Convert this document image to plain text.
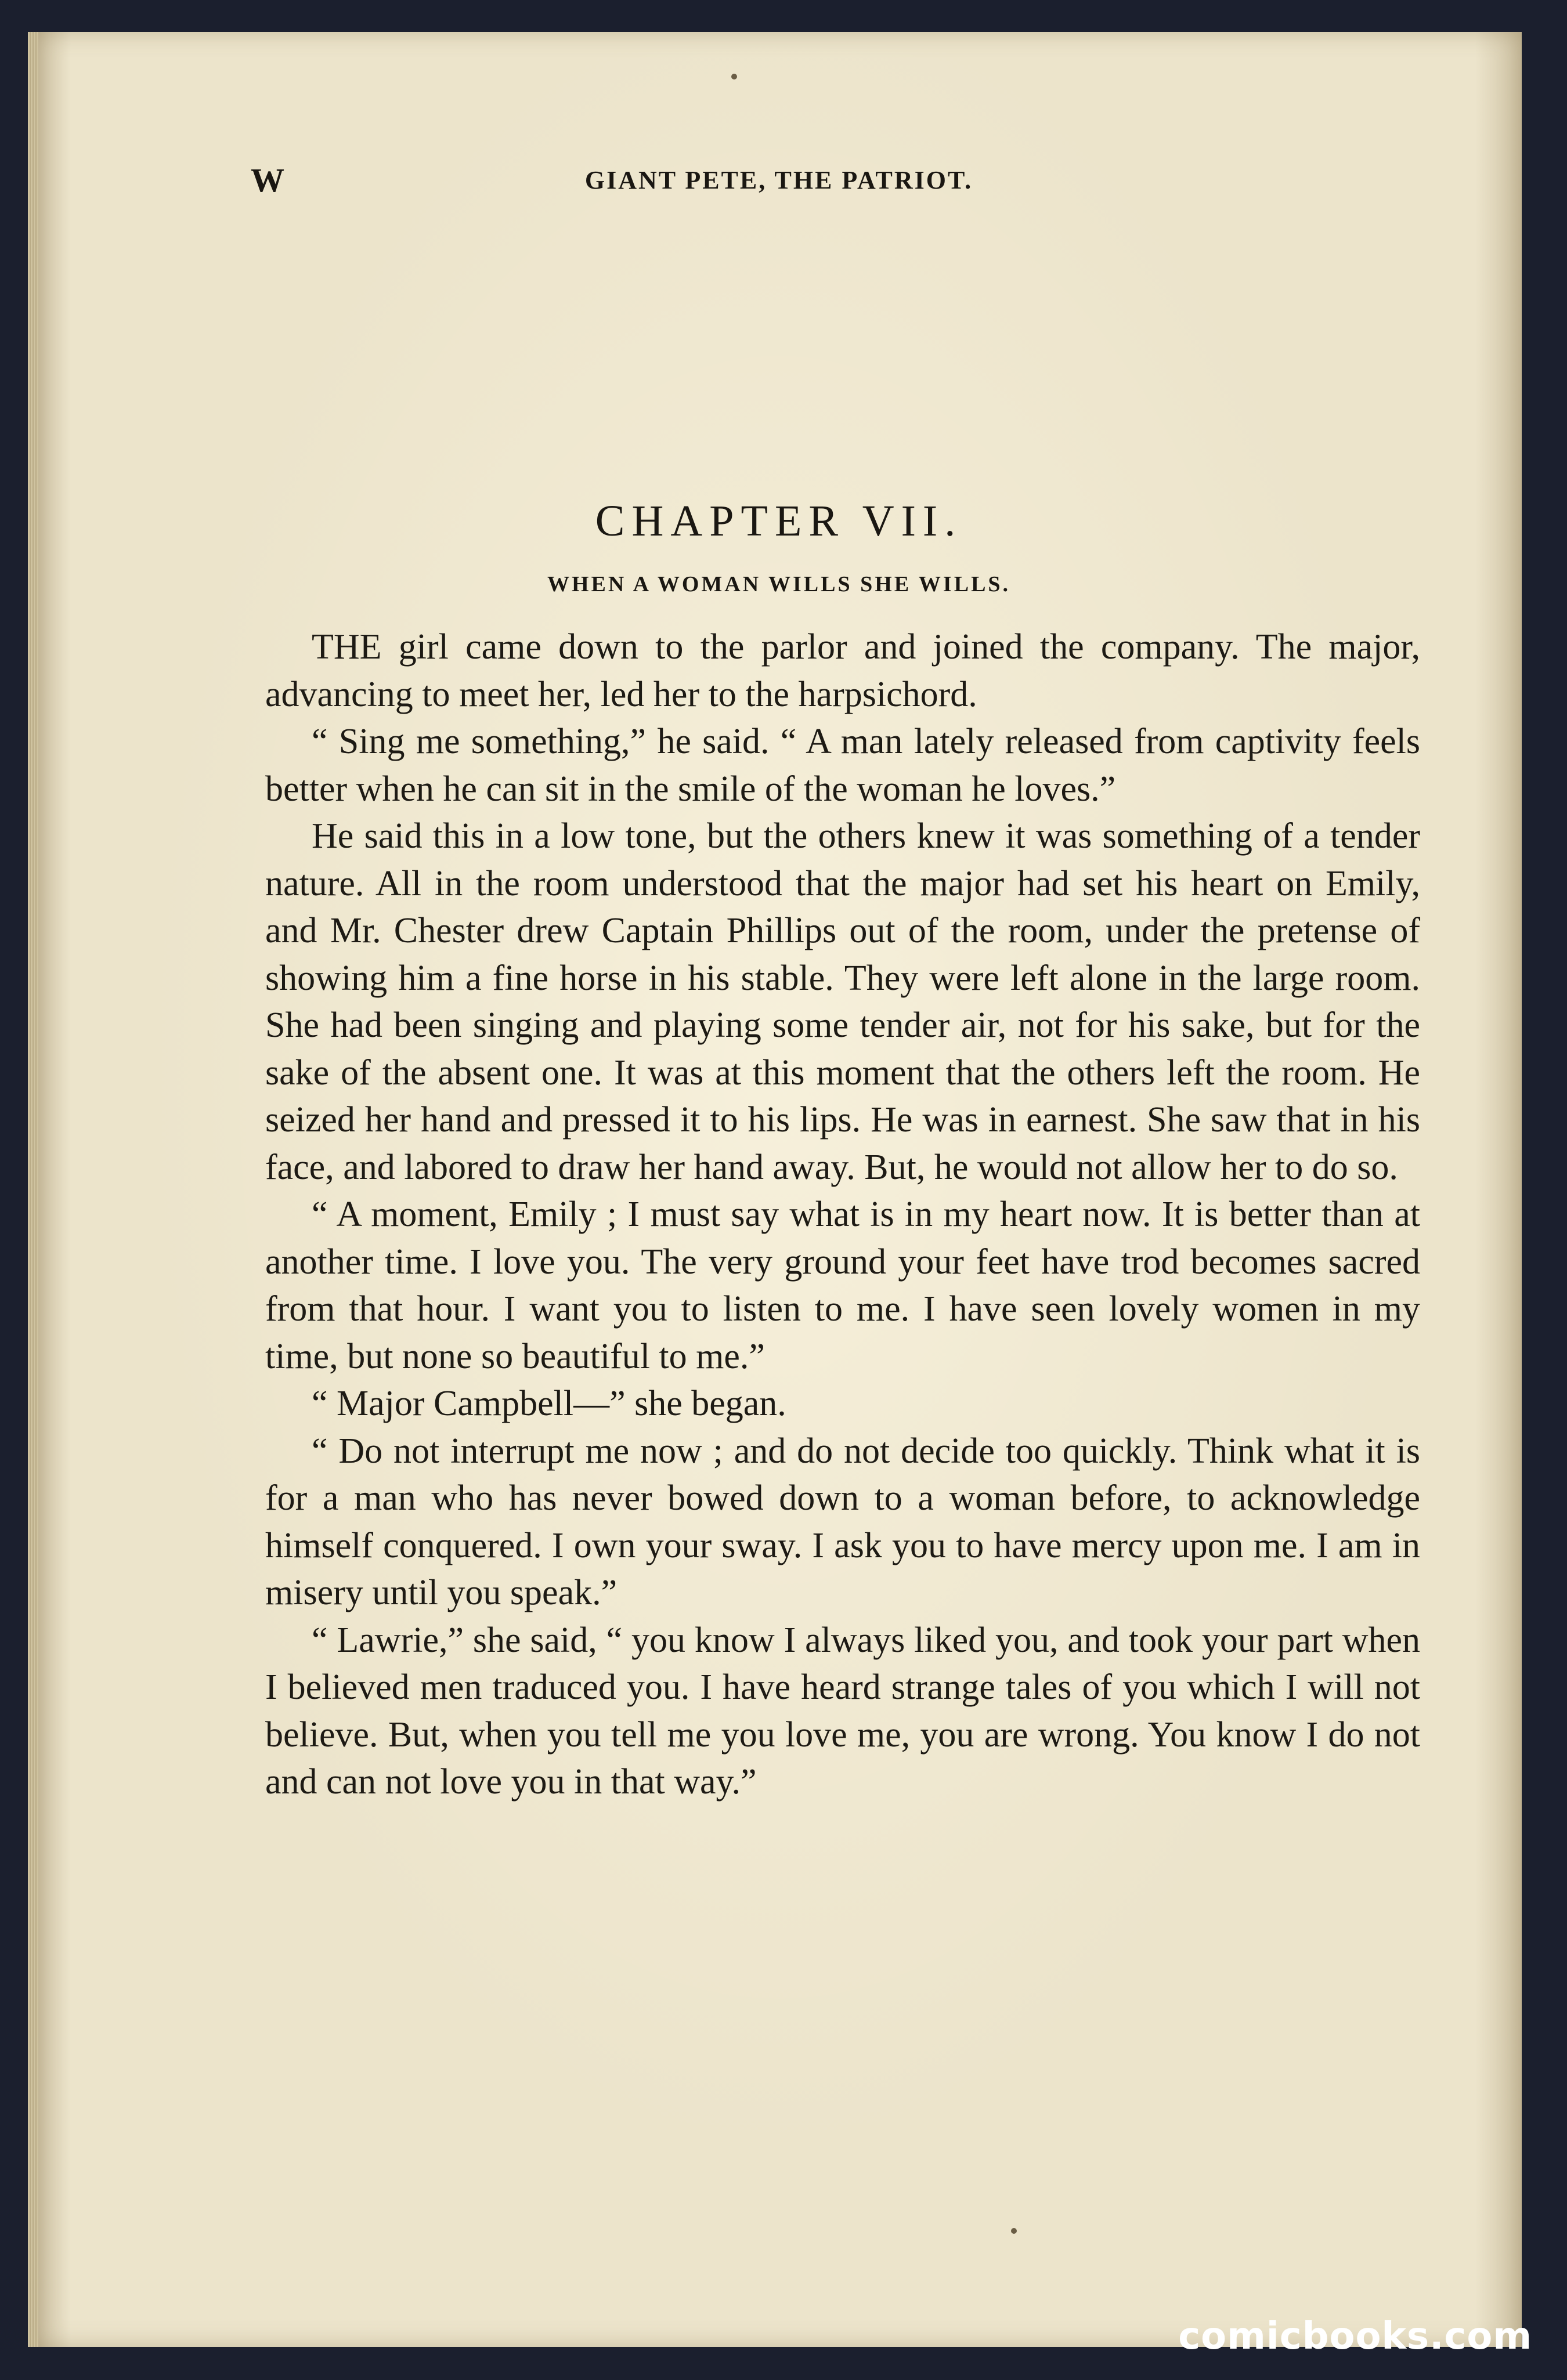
W	GIANT PETE, THE PATRIOT.
CHAPTER VII.
WHEN A WOMAN WILLS SHE WILLS.

THE girl came down to the parlor and joined the company. The major, advancing to meet her, led her to the harpsichord.

“ Sing me something,” he said. “ A man lately released from captivity feels better when he can sit in the smile of the woman he loves.”

He said this in a low tone, but the others knew it was something of a tender nature. All in the room understood that the major had set his heart on Emily, and Mr. Chester drew Captain Phillips out of the room, under the pretense of showing him a fine horse in his stable. They were left alone in the large room. She had been singing and playing some tender air, not for his sake, but for the sake of the absent one. It was at this moment that the others left the room. He seized her hand and pressed it to his lips. He was in earnest. She saw that in his face, and labored to draw her hand away. But, he would not allow her to do so.

“ A moment, Emily ; I must say what is in my heart now. It is better than at another time. I love you. The very ground your feet have trod becomes sacred from that hour. I want you to listen to me. I have seen lovely women in my time, but none so beautiful to me.”

“ Major Campbell—” she began.

“ Do not interrupt me now ; and do not decide too quickly. Think what it is for a man who has never bowed down to a woman before, to acknowledge himself conquered. I own your sway. I ask you to have mercy upon me. I am in misery until you speak.”

“ Lawrie,” she said, “ you know I always liked you, and took your part when I believed men traduced you. I have heard strange tales of you which I will not believe. But, when you tell me you love me, you are wrong. You know I do not and can not love you in that way.”

comicbooks.com
